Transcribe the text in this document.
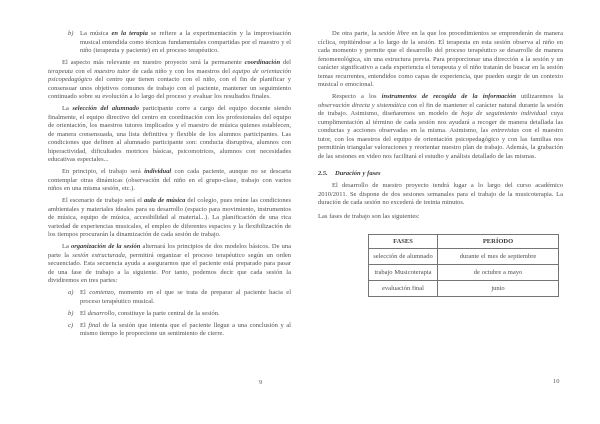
b) La música en la terapia se refiere a la experimentación y la improvisación musical entendida como técnicas fundamentales compartidas por el maestro y el niño (terapeuta y paciente) en el proceso terapéutico.

El aspecto más relevante en nuestro proyecto será la permanente coordinación del terapeuta con el maestro tutor de cada niño y con los maestros del equipo de orientación psicopedagógico del centro que tienen contacto con el niño, con el fin de planificar y consensuar unos objetivos comunes de trabajo con el paciente, mantener un seguimiento continuado sobre su evolución a lo largo del proceso y evaluar los resultados finales.

La selección del alumnado participante corre a cargo del equipo docente siendo finalmente, el equipo directivo del centro en coordinación con los profesionales del equipo de orientación, los maestros tutores implicados y el maestro de música quienes establecen, de manera consensuada, una lista definitiva y flexible de los alumnos participantes. Las condiciones que definen al alumnado participante son: conducta disruptiva, alumnos con hiperactividad, dificultades motrices básicas, psicomotrices, alumnos con necesidades educativas especiales...

En principio, el trabajo será individual con cada paciente, aunque no se descarta contemplar otras dinámicas (observación del niño en el grupo-clase, trabajo con varios niños en una misma sesión, etc.).

El escenario de trabajo será el aula de música del colegio, pues reúne las condiciones ambientales y materiales ideales para su desarrollo (espacio para movimiento, instrumentos de música, equipo de música, accesibilidad al material...). La planificación de una rica variedad de experiencias musicales, el empleo de diferentes espacios y la flexibilización de los tiempos procurarán la dinamización de cada sesión de trabajo.

La organización de la sesión alternará los principios de dos modelos básicos. De una parte la sesión estructurada, permitirá organizar el proceso terapéutico según un orden secuenciado. Esta secuencia ayuda a asegurarnos que el paciente está preparado para pasar de una fase de trabajo a la siguiente. Por tanto, podemos decir que cada sesión la dividiremos en tres partes:

a) El comienzo, momento en el que se trata de preparar al paciente hacia el proceso terapéutico musical.
b) El desarrollo, constituye la parte central de la sesión.
c) El final de la sesión que intenta que el paciente llegue a una conclusión y al mismo tiempo le proporcione un sentimiento de cierre.
9

De otra parte, la sesión libre en la que los procedimientos se emprenderán de manera cíclica, repitiéndose a lo largo de la sesión. El terapeuta en esta sesión observa al niño en cada momento y permite que el desarrollo del proceso terapéutico se desarrolle de manera fenomenológica, sin una estructura previa. Para proporcionar una dirección a la sesión y un carácter significativo a cada experiencia el terapeuta y el niño tratarán de buscar en la sesión temas recurrentes, entendidos como capas de experiencia, que pueden surgir de un contexto musical o emocional.

Respecto a los instrumentos de recogida de la información utilizaremos la observación directa y sistemática con el fin de mantener el carácter natural durante la sesión de trabajo. Asimismo, diseñaremos un modelo de hoja de seguimiento individual cuya cumplimentación al término de cada sesión nos ayudará a recoger de manera detallada las conductas y acciones observadas en la misma. Asimismo, las entrevistas con el maestro tutor, con los maestros del equipo de orientación psicopedagógico y con las familias nos permitirán triangular valoraciones y reorientar nuestro plan de trabajo. Además, la grabación de las sesiones en video nos facilitará el estudio y análisis detallado de las mismas.

2.5. Duración y fases

El desarrollo de nuestro proyecto tendrá lugar a lo largo del curso académico 2010/2011. Se dispone de dos sesiones semanales para el trabajo de la musicoterapia. La duración de cada sesión no excederá de treinta minutos.

Las fases de trabajo son las siguientes:

FASES	PERÍODO
selección de alumnado	durante el mes de septiembre
trabajo Musicoterapia	de octubre a mayo
evaluación final	junio
10
